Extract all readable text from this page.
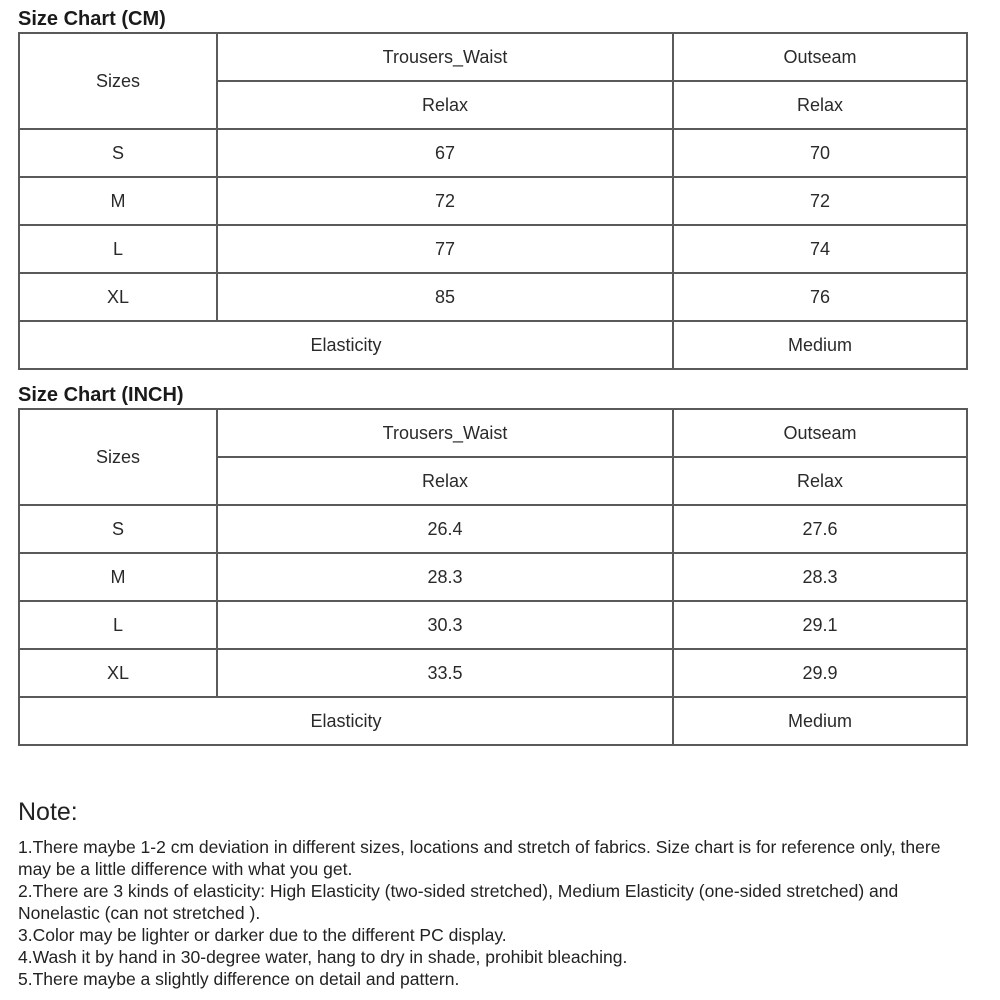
Size Chart (CM)
Sizes	Trousers_Waist	Outseam
	Relax	Relax
S	67	70
M	72	72
L	77	74
XL	85	76
Elasticity		Medium
Size Chart (INCH)
Sizes	Trousers_Waist	Outseam
	Relax	Relax
S	26.4	27.6
M	28.3	28.3
L	30.3	29.1
XL	33.5	29.9
Elasticity		Medium
Note:
1.There maybe 1-2 cm deviation in different sizes, locations and stretch of fabrics. Size chart is for reference only, there may be a little difference with what you get.
2.There are 3 kinds of elasticity: High Elasticity (two-sided stretched), Medium Elasticity (one-sided stretched) and Nonelastic (can not stretched ).
3.Color may be lighter or darker due to the different PC display.
4.Wash it by hand in 30-degree water, hang to dry in shade, prohibit bleaching.
5.There maybe a slightly difference on detail and pattern.
